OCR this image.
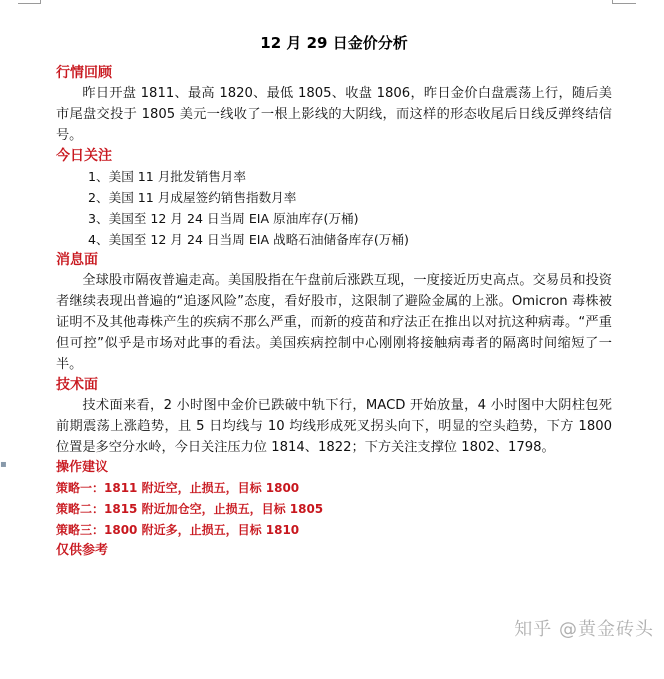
▪
12 月 29 日金价分析

行情回顾

昨日开盘 1811、最高 1820、最低 1805、收盘 1806，昨日金价白盘震荡上行，随后美市尾盘交投于 1805 美元一线收了一根上影线的大阴线，而这样的形态收尾后日线反弹终结信号。

今日关注

1、美国 11 月批发销售月率
2、美国 11 月成屋签约销售指数月率
3、美国至 12 月 24 日当周 EIA 原油库存(万桶)
4、美国至 12 月 24 日当周 EIA 战略石油储备库存(万桶)

消息面

全球股市隔夜普遍走高。美国股指在午盘前后涨跌互现，一度接近历史高点。交易员和投资者继续表现出普遍的“追逐风险”态度，看好股市，这限制了避险金属的上涨。Omicron 毒株被证明不及其他毒株产生的疾病不那么严重，而新的疫苗和疗法正在推出以对抗这种病毒。“严重但可控”似乎是市场对此事的看法。美国疾病控制中心刚刚将接触病毒者的隔离时间缩短了一半。

技术面

技术面来看，2 小时图中金价已跌破中轨下行，MACD 开始放量，4 小时图中大阴柱包死前期震荡上涨趋势，且 5 日均线与 10 均线形成死叉拐头向下，明显的空头趋势，下方 1800 位置是多空分水岭，今日关注压力位 1814、1822；下方关注支撑位 1802、1798。

操作建议

策略一：1811 附近空，止损五，目标 1800

策略二：1815 附近加仓空，止损五，目标 1805

策略三：1800 附近多，止损五，目标 1810

仅供参考

知乎 @黄金砖头
